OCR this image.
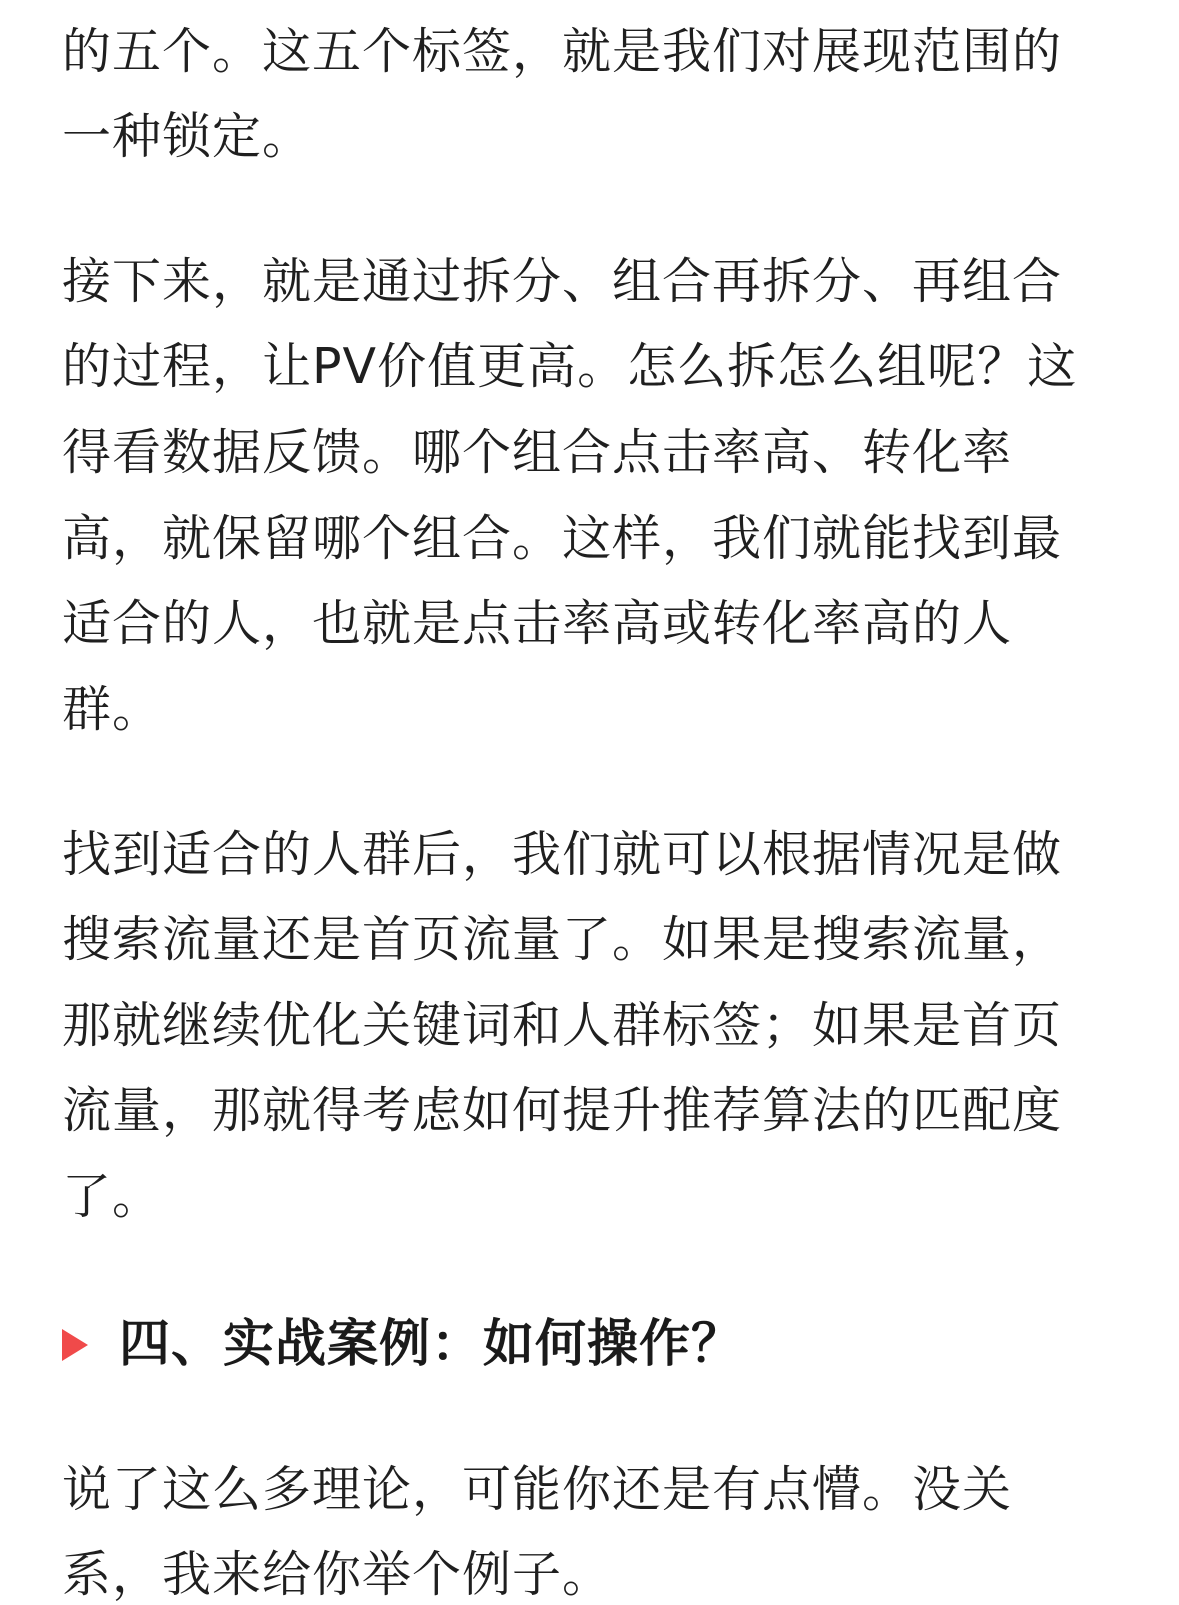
的五个。这五个标签，就是我们对展现范围的
一种锁定。
接下来，就是通过拆分、组合再拆分、再组合
的过程，让PV价值更高。怎么拆怎么组呢？这
得看数据反馈。哪个组合点击率高、转化率
高，就保留哪个组合。这样，我们就能找到最
适合的人，也就是点击率高或转化率高的人
群。
找到适合的人群后，我们就可以根据情况是做
搜索流量还是首页流量了。如果是搜索流量，
那就继续优化关键词和人群标签；如果是首页
流量，那就得考虑如何提升推荐算法的匹配度
了。
四、实战案例：如何操作？
说了这么多理论，可能你还是有点懵。没关
系，我来给你举个例子。
